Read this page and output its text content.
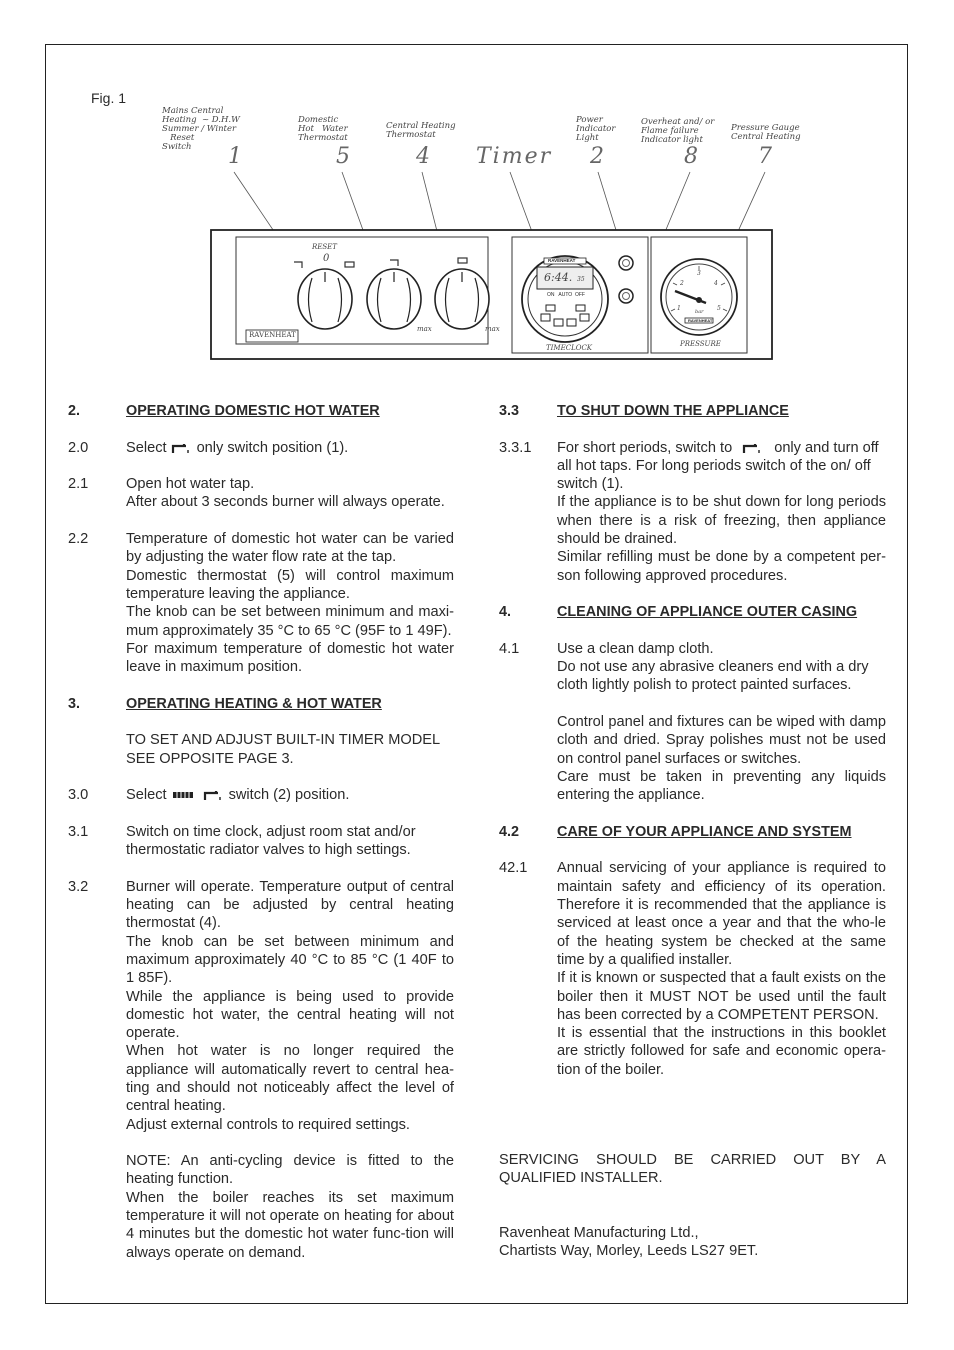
Fig. 1
Mains Central
Heating  ~ D.H.W
Summer / Winter
Reset
Switch	1
Domestic
Hot   Water
Thermostat
5
Central Heating
Thermostat
4 Timer
Power
Indicator
Light
2
Overheat and/ or
Flame failure
Indicator light
8
Pressure Gauge
Central Heating
7
RESET
0
RAVENHEAT
max	max
RAVENHEAT
6:44. 35
ON   AUTO  OFF
TIMECLOCK	PRESSURE
RAVENHEAT
1
2
3
4
5
bar
2.	OPERATING DOMESTIC HOT WATER
2.0	Select only switch position (1).
2.1	Open hot water tap.

After about 3 seconds burner will always operate.

2.2	Temperature of domestic hot water can be varied by adjusting the water flow rate at the tap.

Domestic thermostat (5) will control maximum temperature leaving the appliance.

The knob can be set between minimum and maxi-mum approximately 35 °C to 65 °C (95F to 1 49F).

For maximum temperature of domestic hot water leave in maximum position.

3.	OPERATING HEATING & HOT WATER

TO SET AND ADJUST BUILT-IN TIMER MODEL SEE OPPOSITE PAGE 3.

3.0	Select	switch (2) position.
3.1	Switch on time clock, adjust room stat and/or thermostatic radiator valves to high settings.

3.2	Burner will operate. Temperature output of central heating can be adjusted by central heating thermostat (4).

The knob can be set between minimum and maximum approximately 40 °C to 85 °C (1 40F to 1 85F).

While the appliance is being used to provide domestic hot water, the central heating will not operate.

When hot water is no longer required the appliance will automatically revert to central hea-ting and should not noticeably affect the level of central heating.

Adjust external controls to required settings.

NOTE: An anti-cycling device is fitted to the heating function.

When the boiler reaches its set maximum temperature it will not operate on heating for about 4 minutes but the domestic hot water func-tion will always operate on demand.

3.3	TO SHUT DOWN THE APPLIANCE
3.3.1	For short periods, switch to	only and turn off all hot taps. For long periods switch of the on/ off switch (1).

If the appliance is to be shut down for long periods when there is a risk of freezing, then appliance should be drained.

Similar refilling must be done by a competent per-son following approved procedures.

4.	CLEANING OF APPLIANCE OUTER CASING
4.1	Use a clean damp cloth.

Do not use any abrasive cleaners end with a dry cloth lightly polish to protect painted surfaces.

Control panel and fixtures can be wiped with damp cloth and dried. Spray polishes must not be used on control panel surfaces or switches.

Care must be taken in preventing any liquids entering the appliance.

4.2	CARE OF YOUR APPLIANCE AND SYSTEM
42.1	Annual servicing of your appliance is required to maintain safety and efficiency of its operation. Therefore it is recommended that the appliance is serviced at least once a year and that the who-le of the heating system be checked at the same time by a qualified installer.

If it is known or suspected that a fault exists on the boiler then it MUST NOT be used until the fault has been corrected by a COMPETENT PERSON.

It is essential that the instructions in this booklet are strictly followed for safe and economic opera-tion of the boiler.

SERVICING SHOULD BE CARRIED OUT BY A QUALIFIED INSTALLER.
Ravenheat Manufacturing Ltd.,
Chartists Way, Morley, Leeds LS27 9ET.
